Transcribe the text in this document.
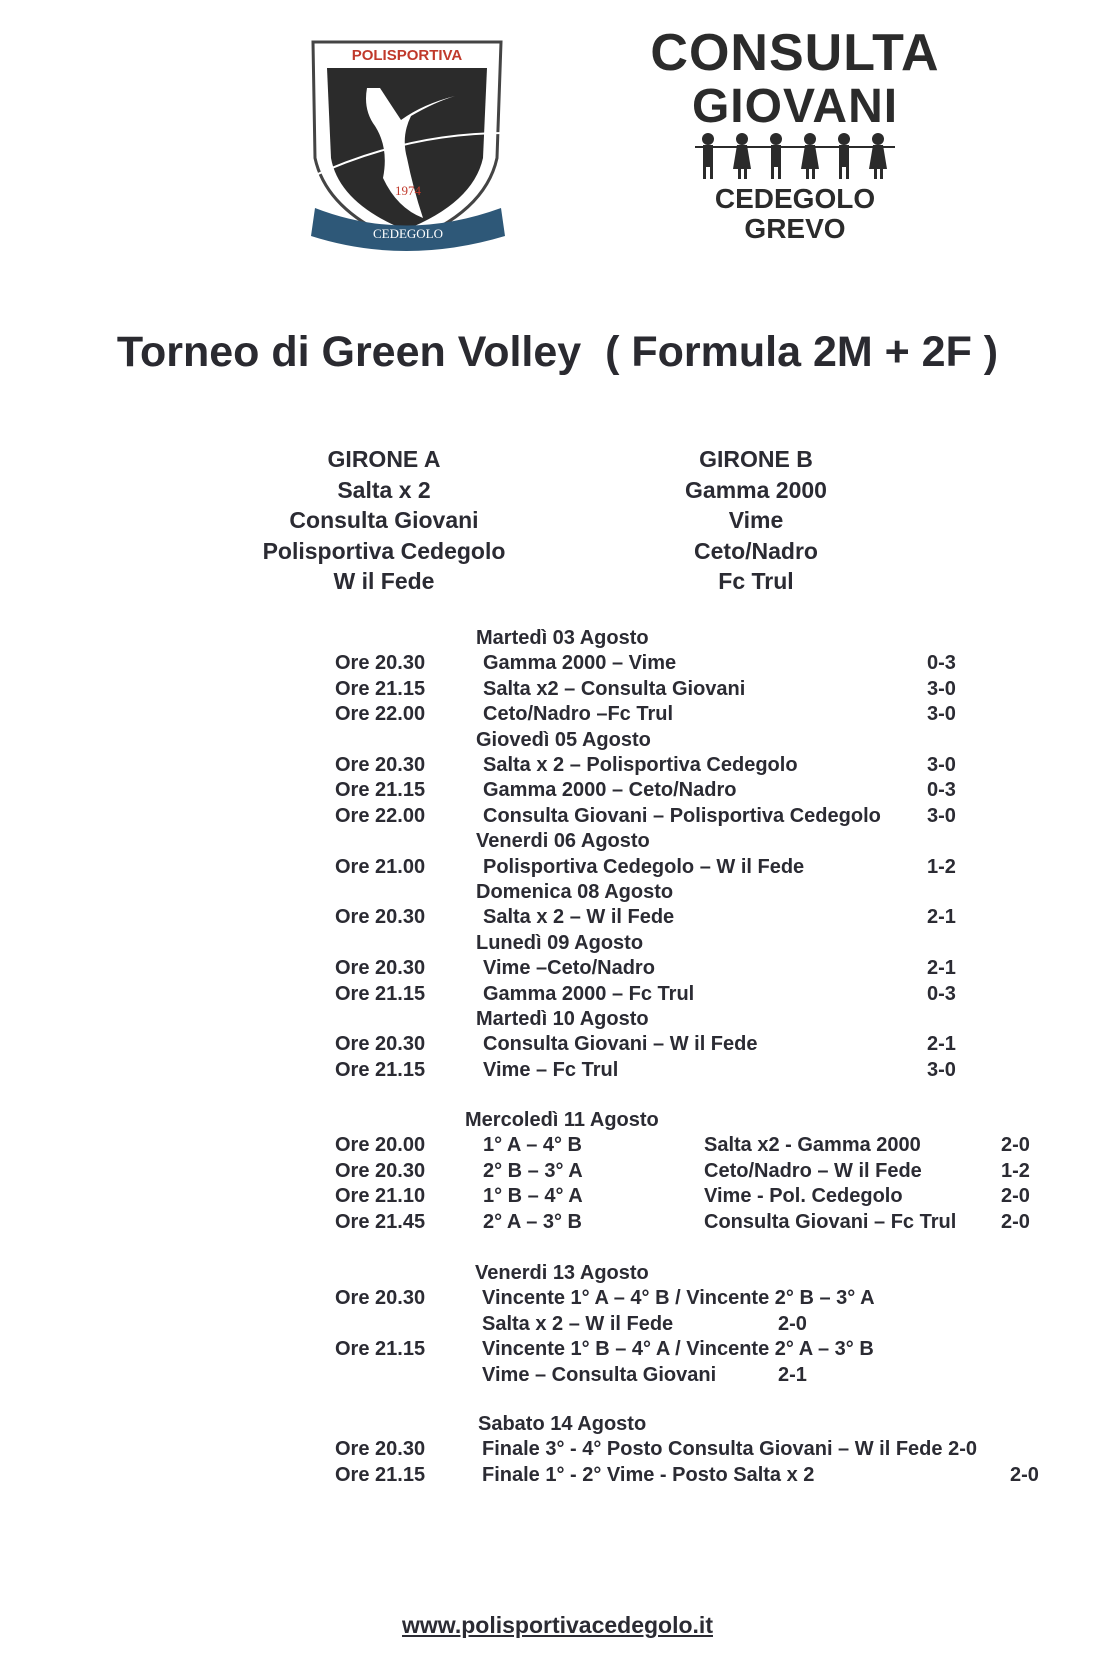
POLISPORTIVA
1974
CEDEGOLO
CONSULTA
GIOVANI
CEDEGOLO
GREVO
Torneo di Green Volley  ( Formula 2M + 2F )
GIRONE A
Salta x 2
Consulta Giovani
Polisportiva Cedegolo
W il Fede
GIRONE B
Gamma 2000
Vime
Ceto/Nadro
Fc Trul
Martedì 03 Agosto
Ore 20.30	Gamma 2000 – Vime	0-3
Ore 21.15	Salta x2 – Consulta Giovani	3-0
Ore 22.00	Ceto/Nadro –Fc Trul	3-0
Giovedì 05 Agosto
Ore 20.30	Salta x 2 – Polisportiva Cedegolo	3-0
Ore 21.15	Gamma 2000 – Ceto/Nadro	0-3
Ore 22.00	Consulta Giovani – Polisportiva Cedegolo 3-0
Venerdi 06 Agosto
Ore 21.00	Polisportiva Cedegolo – W il Fede	1-2
Domenica 08 Agosto
Ore 20.30	Salta x 2 – W il Fede	2-1
Lunedì 09 Agosto
Ore 20.30	Vime –Ceto/Nadro	2-1
Ore 21.15	Gamma 2000 – Fc Trul	0-3
Martedì 10 Agosto
Ore 20.30	Consulta Giovani – W il Fede	2-1
Ore 21.15	Vime – Fc Trul	3-0
Mercoledì 11 Agosto
Ore 20.00	1° A – 4° B	Salta x2 - Gamma 2000	2-0
Ore 20.30	2° B – 3° A	Ceto/Nadro – W il Fede	1-2
Ore 21.10	1° B – 4° A	Vime - Pol. Cedegolo	2-0
Ore 21.45	2° A – 3° B	Consulta Giovani – Fc Trul 2-0
Venerdi 13 Agosto
Ore 20.30	Vincente 1° A – 4° B / Vincente 2° B – 3° A
Salta x 2 – W il Fede	2-0
Ore 21.15	Vincente 1° B – 4° A / Vincente 2° A – 3° B
Vime – Consulta Giovani	2-1
Sabato 14 Agosto
Ore 20.30	Finale 3° - 4° Posto Consulta Giovani – W il Fede 2-0
Ore 21.15	Finale 1° - 2° Vime - Posto Salta x 2	2-0
www.polisportivacedegolo.it
